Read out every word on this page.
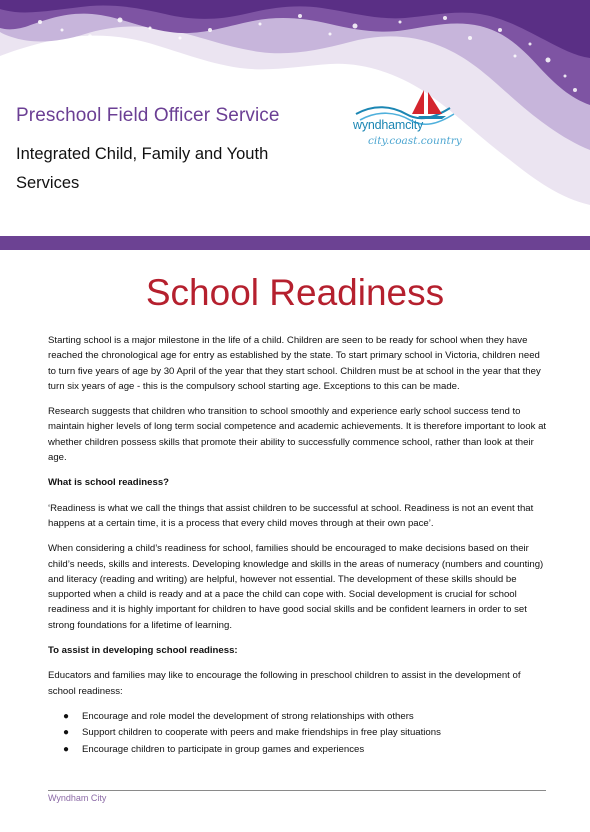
Preschool Field Officer Service
Integrated Child, Family and Youth Services
wyndhamcity
city.coast.country
School Readiness

Starting school is a major milestone in the life of a child. Children are seen to be ready for school when they have reached the chronological age for entry as established by the state. To start primary school in Victoria, children need to turn five years of age by 30 April of the year that they start school. Children must be at school in the year that they turn six years of age - this is the compulsory school starting age. Exceptions to this can be made.

Research suggests that children who transition to school smoothly and experience early school success tend to maintain higher levels of long term social competence and academic achievements. It is therefore important to look at whether children possess skills that promote their ability to successfully commence school, rather than look at their age.

What is school readiness?

‘Readiness is what we call the things that assist children to be successful at school. Readiness is not an event that happens at a certain time, it is a process that every child moves through at their own pace’.

When considering a child’s readiness for school, families should be encouraged to make decisions based on their child’s needs, skills and interests. Developing knowledge and skills in the areas of numeracy (numbers and counting) and literacy (reading and writing) are helpful, however not essential. The development of these skills should be supported when a child is ready and at a pace the child can cope with. Social development is crucial for school readiness and it is highly important for children to have good social skills and be confident learners in order to set strong foundations for a lifetime of learning.

To assist in developing school readiness:

Educators and families may like to encourage the following in preschool children to assist in the development of school readiness:

● Encourage and role model the development of strong relationships with others
● Support children to cooperate with peers and make friendships in free play situations
● Encourage children to participate in group games and experiences
Wyndham City
